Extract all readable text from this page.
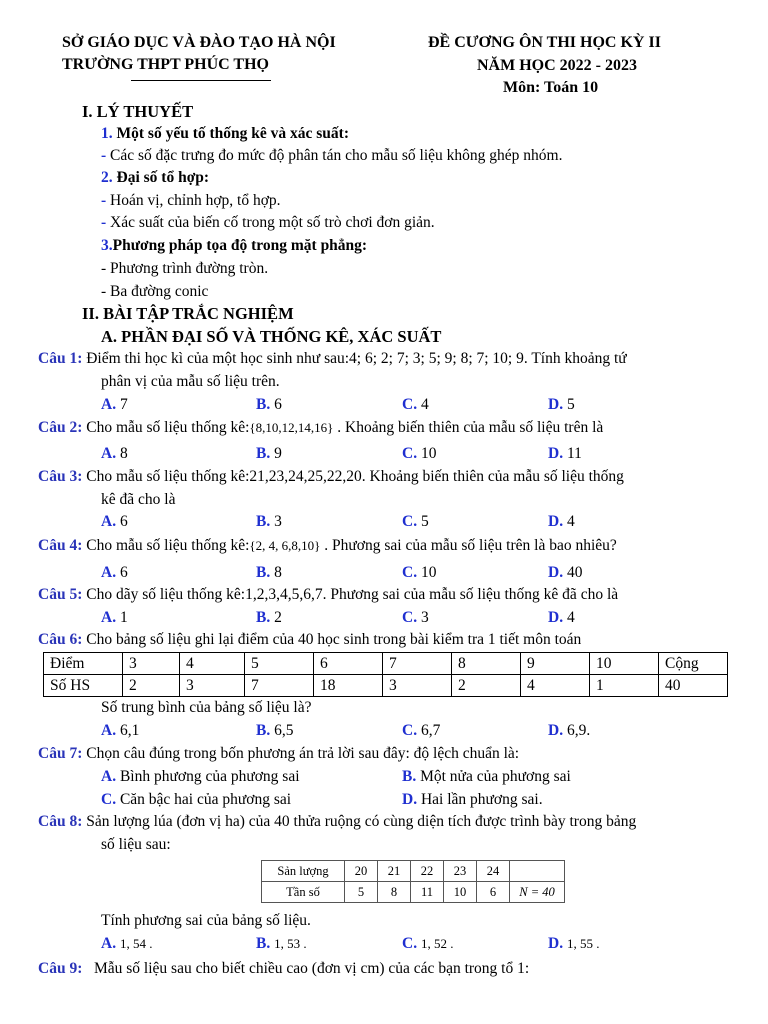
SỞ GIÁO DỤC VÀ ĐÀO TẠO HÀ NỘI
TRƯỜNG THPT PHÚC THỌ
ĐỀ CƯƠNG ÔN THI HỌC KỲ II
NĂM HỌC 2022 - 2023
Môn: Toán 10
I. LÝ THUYẾT
1. Một số yếu tố thống kê và xác suất:
- Các số đặc trưng đo mức độ phân tán cho mẫu số liệu không ghép nhóm.
2. Đại số tổ hợp:
- Hoán vị, chỉnh hợp, tổ hợp.
- Xác suất của biến cố trong một số trò chơi đơn giản.
3.Phương pháp tọa độ trong mặt phẳng:
- Phương trình đường tròn.
- Ba đường conic
II. BÀI TẬP TRẮC NGHIỆM
A. PHẦN ĐẠI SỐ VÀ THỐNG KÊ, XÁC SUẤT
Câu 1: Điểm thi học kì của một học sinh như sau:4; 6; 2; 7; 3; 5; 9; 8; 7; 10; 9. Tính khoảng tứ
phân vị của mẫu số liệu trên.
A. 7	B. 6	C. 4	D. 5
Câu 2: Cho mẫu số liệu thống kê:{8,10,12,14,16} . Khoảng biến thiên của mẫu số liệu trên là
A. 8	B. 9	C. 10	D. 11
Câu 3: Cho mẫu số liệu thống kê:21,23,24,25,22,20. Khoảng biến thiên của mẫu số liệu thống
kê đã cho là
A. 6	B. 3	C. 5	D. 4
Câu 4: Cho mẫu số liệu thống kê:{2, 4, 6,8,10} . Phương sai của mẫu số liệu trên là bao nhiêu?
A. 6	B. 8	C. 10	D. 40
Câu 5: Cho dãy số liệu thống kê:1,2,3,4,5,6,7. Phương sai của mẫu số liệu thống kê đã cho là
A. 1	B. 2	C. 3	D. 4
Câu 6: Cho bảng số liệu ghi lại điểm của 40 học sinh trong bài kiểm tra 1 tiết môn toán
Điểm	3	4	5	6	7	8	9	10	Cộng
Số HS	2	3	7	18	3	2	4	1	40
Số trung bình của bảng số liệu là?
A. 6,1	B. 6,5	C. 6,7	D. 6,9.
Câu 7: Chọn câu đúng trong bốn phương án trả lời sau đây: độ lệch chuẩn là:
A. Bình phương của phương sai	B. Một nửa của phương sai
C. Căn bậc hai của phương sai	D. Hai lần phương sai.
Câu 8: Sản lượng lúa (đơn vị ha) của 40 thửa ruộng có cùng diện tích được trình bày trong bảng
số liệu sau:
Sản lượng	20	21	22	23	24	
Tần số	5	8	11	10	6	N = 40
Tính phương sai của bảng số liệu.
A. 1, 54 .	B. 1, 53 .	C. 1, 52 .	D. 1, 55 .
Câu 9: Mẫu số liệu sau cho biết chiều cao (đơn vị cm) của các bạn trong tổ 1:
